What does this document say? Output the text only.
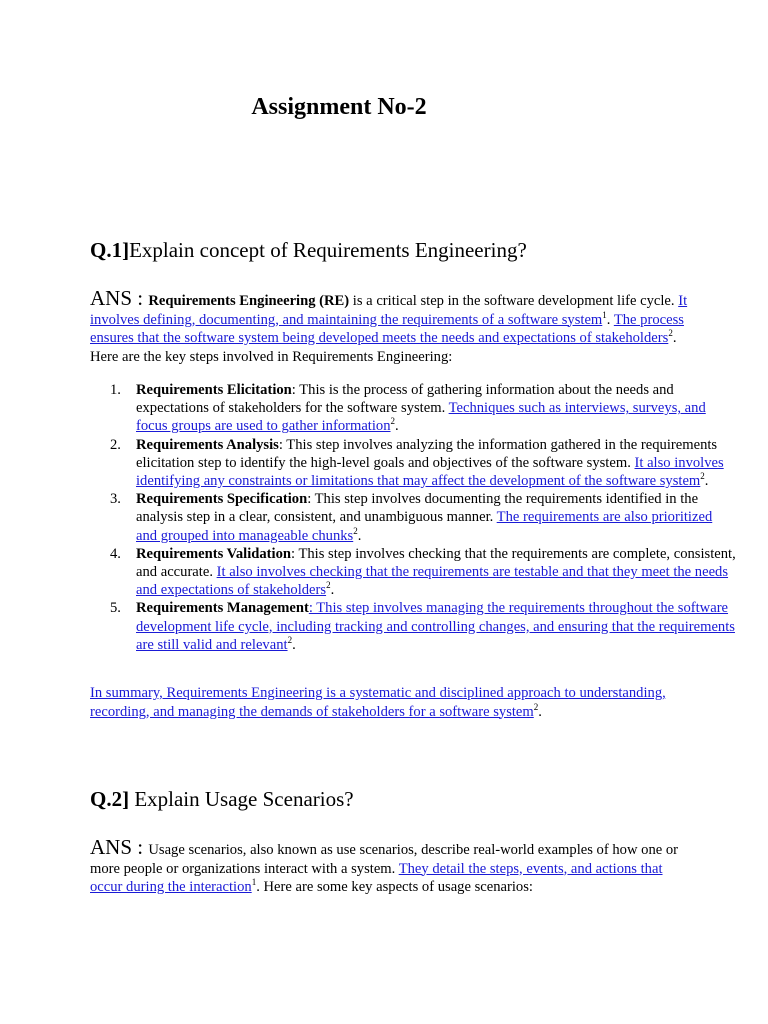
Assignment No-2

Q.1]Explain concept of Requirements Engineering?

ANS : Requirements Engineering (RE) is a critical step in the software development life cycle. It involves defining, documenting, and maintaining the requirements of a software system$^1$. The process ensures that the software system being developed meets the needs and expectations of stakeholders$^2$. Here are the key steps involved in Requirements Engineering:

1. Requirements Elicitation: This is the process of gathering information about the needs and expectations of stakeholders for the software system. Techniques such as interviews, surveys, and focus groups are used to gather information$^2$.
2. Requirements Analysis: This step involves analyzing the information gathered in the requirements elicitation step to identify the high-level goals and objectives of the software system. It also involves identifying any constraints or limitations that may affect the development of the software system$^2$.
3. Requirements Specification: This step involves documenting the requirements identified in the analysis step in a clear, consistent, and unambiguous manner. The requirements are also prioritized and grouped into manageable chunks$^2$.
4. Requirements Validation: This step involves checking that the requirements are complete, consistent, and accurate. It also involves checking that the requirements are testable and that they meet the needs and expectations of stakeholders$^2$.
5. Requirements Management: This step involves managing the requirements throughout the software development life cycle, including tracking and controlling changes, and ensuring that the requirements are still valid and relevant$^2$.

In summary, Requirements Engineering is a systematic and disciplined approach to understanding, recording, and managing the demands of stakeholders for a software system$^2$.

Q.2] Explain Usage Scenarios?

ANS : Usage scenarios, also known as use scenarios, describe real-world examples of how one or more people or organizations interact with a system. They detail the steps, events, and actions that occur during the interaction$^1$. Here are some key aspects of usage scenarios:
